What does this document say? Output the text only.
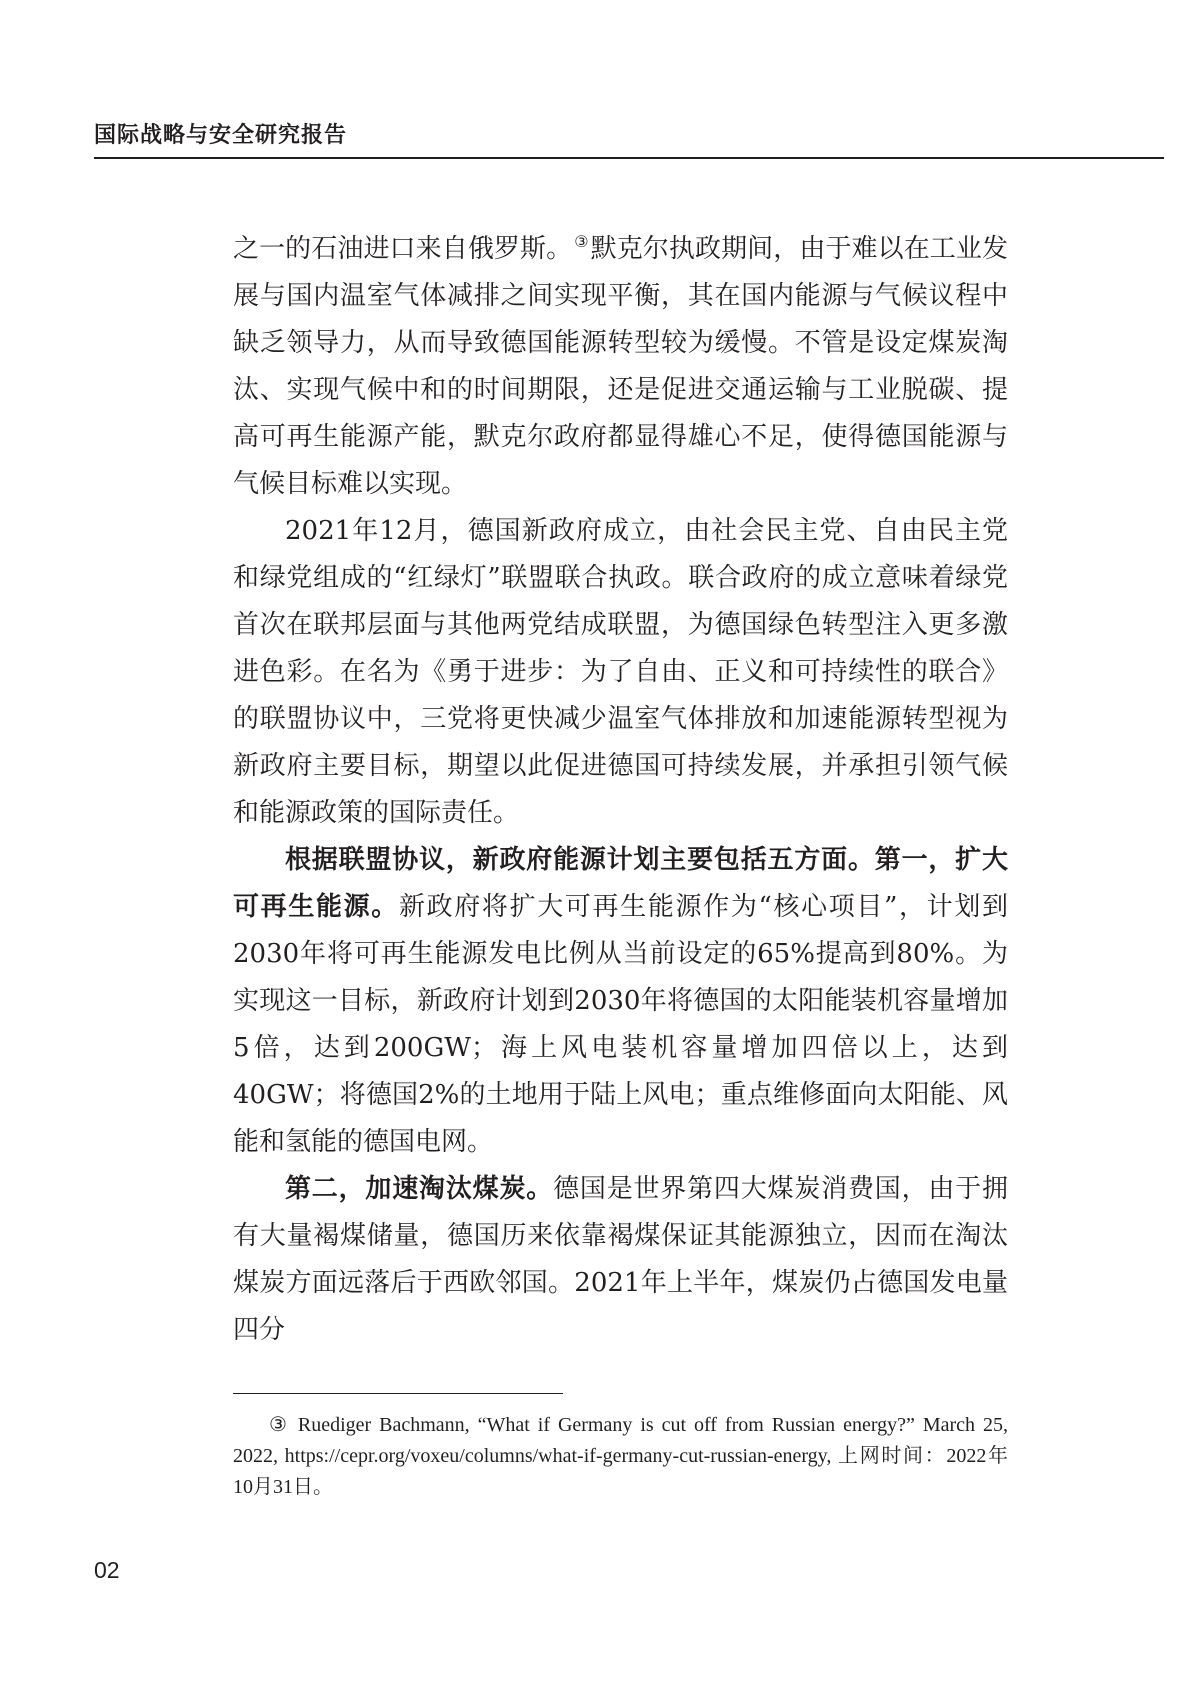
国际战略与安全研究报告

之一的石油进口来自俄罗斯。 ③默克尔执政期间，由于难以在工业发展与国内温室气体减排之间实现平衡，其在国内能源与气候议程中缺乏领导力，从而导致德国能源转型较为缓慢。不管是设定煤炭淘汰、实现气候中和的时间期限，还是促进交通运输与工业脱碳、提高可再生能源产能，默克尔政府都显得雄心不足，使得德国能源与气候目标难以实现。

2021年12月，德国新政府成立，由社会民主党、自由民主党和绿党组成的“红绿灯”联盟联合执政。联合政府的成立意味着绿党首次在联邦层面与其他两党结成联盟，为德国绿色转型注入更多激进色彩。在名为《勇于进步：为了自由、正义和可持续性的联合》的联盟协议中，三党将更快减少温室气体排放和加速能源转型视为新政府主要目标，期望以此促进德国可持续发展，并承担引领气候和能源政策的国际责任。

根据联盟协议，新政府能源计划主要包括五方面。第一，扩大可再生能源。新政府将扩大可再生能源作为“核心项目”，计划到2030年将可再生能源发电比例从当前设定的65%提高到80%。为实现这一目标，新政府计划到2030年将德国的太阳能装机容量增加5倍，达到200GW；海上风电装机容量增加四倍以上，达到40GW；将德国2%的土地用于陆上风电；重点维修面向太阳能、风能和氢能的德国电网。

第二，加速淘汰煤炭。德国是世界第四大煤炭消费国，由于拥有大量褐煤储量，德国历来依靠褐煤保证其能源独立，因而在淘汰煤炭方面远落后于西欧邻国。2021年上半年，煤炭仍占德国发电量四分

③ Ruediger Bachmann, “What if Germany is cut off from Russian energy?” March 25, 2022, https://cepr.org/voxeu/columns/what-if-germany-cut-russian-energy, 上网时间：2022年10月31日。
02
